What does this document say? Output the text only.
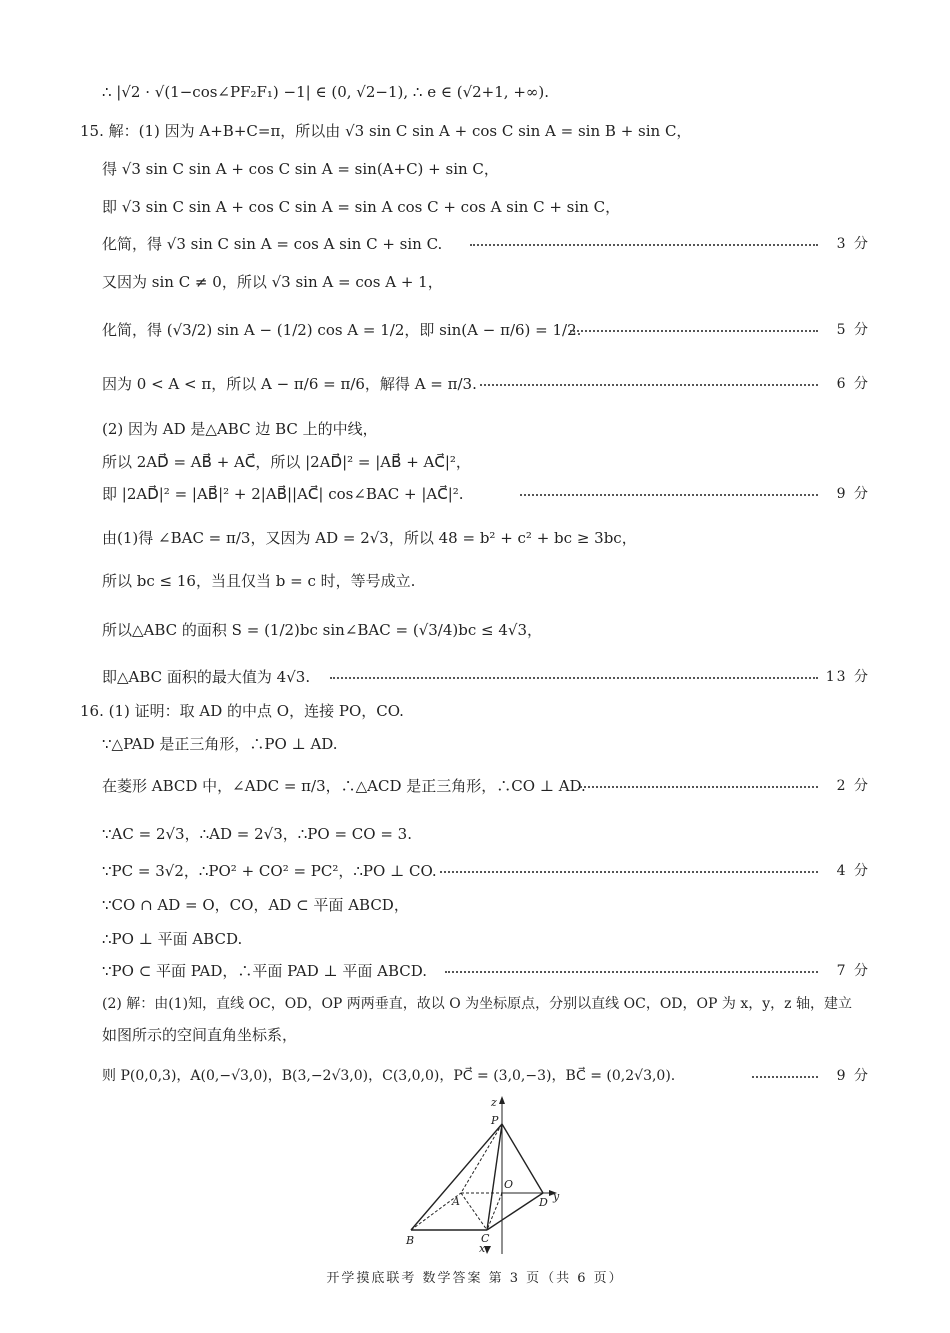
∴ |√2 · √(1−cos∠PF₂F₁) −1| ∈ (0, √2−1), ∴ e ∈ (√2+1, +∞).
15. 解：(1) 因为 A+B+C=π，所以由 √3 sin C sin A + cos C sin A = sin B + sin C，
得 √3 sin C sin A + cos C sin A = sin(A+C) + sin C，
即 √3 sin C sin A + cos C sin A = sin A cos C + cos A sin C + sin C，
化简，得 √3 sin C sin A = cos A sin C + sin C.	3 分
又因为 sin C ≠ 0，所以 √3 sin A = cos A + 1，
化简，得 (√3/2) sin A − (1/2) cos A = 1/2，即 sin(A − π/6) = 1/2.	5 分
因为 0 < A < π，所以 A − π/6 = π/6，解得 A = π/3.	6 分
(2) 因为 AD 是△ABC 边 BC 上的中线，
所以 2AD⃗ = AB⃗ + AC⃗，所以 |2AD⃗|² = |AB⃗ + AC⃗|²，
即 |2AD⃗|² = |AB⃗|² + 2|AB⃗||AC⃗| cos∠BAC + |AC⃗|².	9 分
由(1)得 ∠BAC = π/3，又因为 AD = 2√3，所以 48 = b² + c² + bc ≥ 3bc，
所以 bc ≤ 16，当且仅当 b = c 时，等号成立.
所以△ABC 的面积 S = (1/2)bc sin∠BAC = (√3/4)bc ≤ 4√3，
即△ABC 面积的最大值为 4√3.	13 分
16. (1) 证明：取 AD 的中点 O，连接 PO，CO.
∵△PAD 是正三角形，∴PO ⊥ AD.
在菱形 ABCD 中，∠ADC = π/3，∴△ACD 是正三角形，∴CO ⊥ AD.	2 分
∵AC = 2√3，∴AD = 2√3，∴PO = CO = 3.
∵PC = 3√2，∴PO² + CO² = PC²，∴PO ⊥ CO.	4 分
∵CO ∩ AD = O，CO，AD ⊂ 平面 ABCD，
∴PO ⊥ 平面 ABCD.
∵PO ⊂ 平面 PAD，∴平面 PAD ⊥ 平面 ABCD.	7 分
(2) 解：由(1)知，直线 OC，OD，OP 两两垂直，故以 O 为坐标原点，分别以直线 OC，OD，OP 为 x，y，z 轴，建立
如图所示的空间直角坐标系，
则 P(0,0,3)，A(0,−√3,0)，B(3,−2√3,0)，C(3,0,0)，PC⃗ = (3,0,−3)，BC⃗ = (0,2√3,0).	9 分
z
P
O
A	D y
B	C
x
开学摸底联考 数学答案 第 3 页（共 6 页）
